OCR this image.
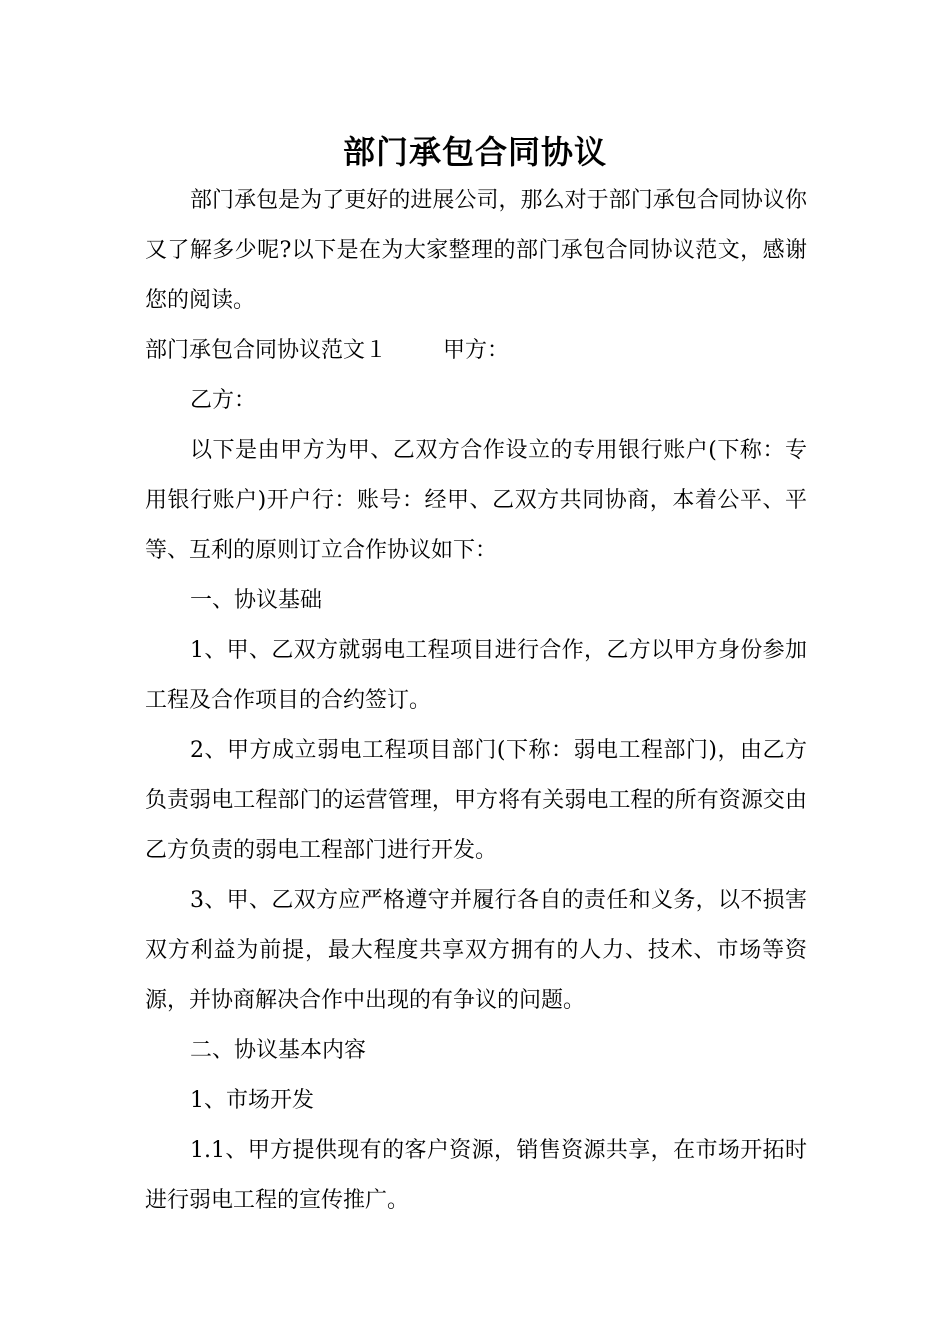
部门承包合同协议

部门承包是为了更好的进展公司，那么对于部门承包合同协议你又了解多少呢?以下是在为大家整理的部门承包合同协议范文，感谢您的阅读。

部门承包合同协议范文１	甲方：

乙方：

以下是由甲方为甲、乙双方合作设立的专用银行账户(下称：专用银行账户)开户行：账号：经甲、乙双方共同协商，本着公平、平等、互利的原则订立合作协议如下：

一、协议基础

1、甲、乙双方就弱电工程项目进行合作，乙方以甲方身份参加工程及合作项目的合约签订。

2、甲方成立弱电工程项目部门(下称：弱电工程部门)，由乙方负责弱电工程部门的运营管理，甲方将有关弱电工程的所有资源交由乙方负责的弱电工程部门进行开发。

3、甲、乙双方应严格遵守并履行各自的责任和义务，以不损害双方利益为前提，最大程度共享双方拥有的人力、技术、市场等资源，并协商解决合作中出现的有争议的问题。

二、协议基本内容

1、市场开发

1.1、甲方提供现有的客户资源，销售资源共享，在市场开拓时进行弱电工程的宣传推广。
